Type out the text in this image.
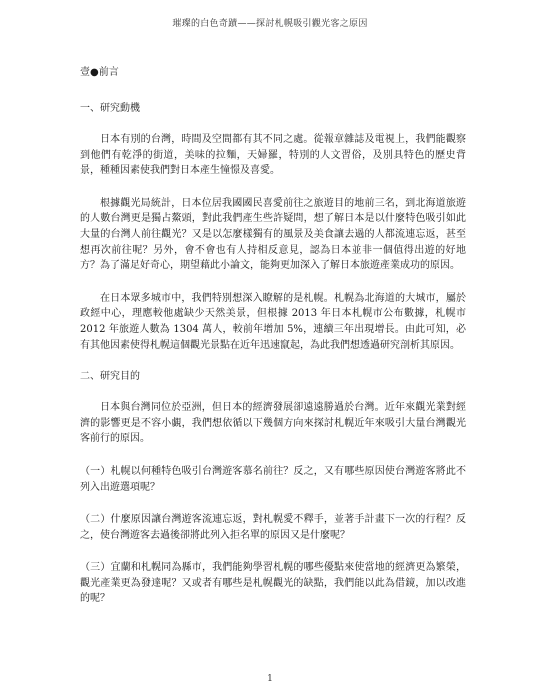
璀璨的白色奇蹟——探討札幌吸引觀光客之原因
壹●前言
一、研究動機

日本有別的台灣，時間及空間都有其不同之處。從報章雜誌及電視上，我們能觀察到他們有乾淨的街道，美味的拉麵，天婦羅，特別的人文習俗，及別具特色的歷史背景，種種因素使我們對日本產生憧憬及喜愛。

根據觀光局統計，日本位居我國國民喜愛前往之旅遊目的地前三名，到北海道旅遊的人數台灣更是獨占鰲頭，對此我們產生些許疑問，想了解日本是以什麼特色吸引如此大量的台灣人前往觀光？又是以怎麼樣獨有的風景及美食讓去過的人都流連忘返，甚至想再次前往呢？另外，會不會也有人持相反意見，認為日本並非一個值得出遊的好地方？為了滿足好奇心，期望藉此小論文，能夠更加深入了解日本旅遊產業成功的原因。

在日本眾多城市中，我們特別想深入瞭解的是札幌。札幌為北海道的大城市，屬於政經中心，理應較他處缺少天然美景，但根據 2013 年日本札幌市公布數據，札幌市 2012 年旅遊人數為 1304 萬人，較前年增加 5%，連續三年出現增長。由此可知，必有其他因素使得札幌這個觀光景點在近年迅速竄起，為此我們想透過研究剖析其原因。

二、研究目的

日本與台灣同位於亞洲，但日本的經濟發展卻遠遠勝過於台灣。近年來觀光業對經濟的影響更是不容小覷，我們想依循以下幾個方向來探討札幌近年來吸引大量台灣觀光客前行的原因。

（一）札幌以何種特色吸引台灣遊客慕名前往？反之，又有哪些原因使台灣遊客將此不列入出遊選項呢？

（二）什麼原因讓台灣遊客流連忘返，對札幌愛不釋手，並著手計畫下一次的行程？反之，使台灣遊客去過後卻將此列入拒名單的原因又是什麼呢？

（三）宜蘭和札幌同為縣市，我們能夠學習札幌的哪些優點來使當地的經濟更為繁榮，觀光產業更為發達呢？又或者有哪些是札幌觀光的缺點，我們能以此為借鏡，加以改進的呢？

1
